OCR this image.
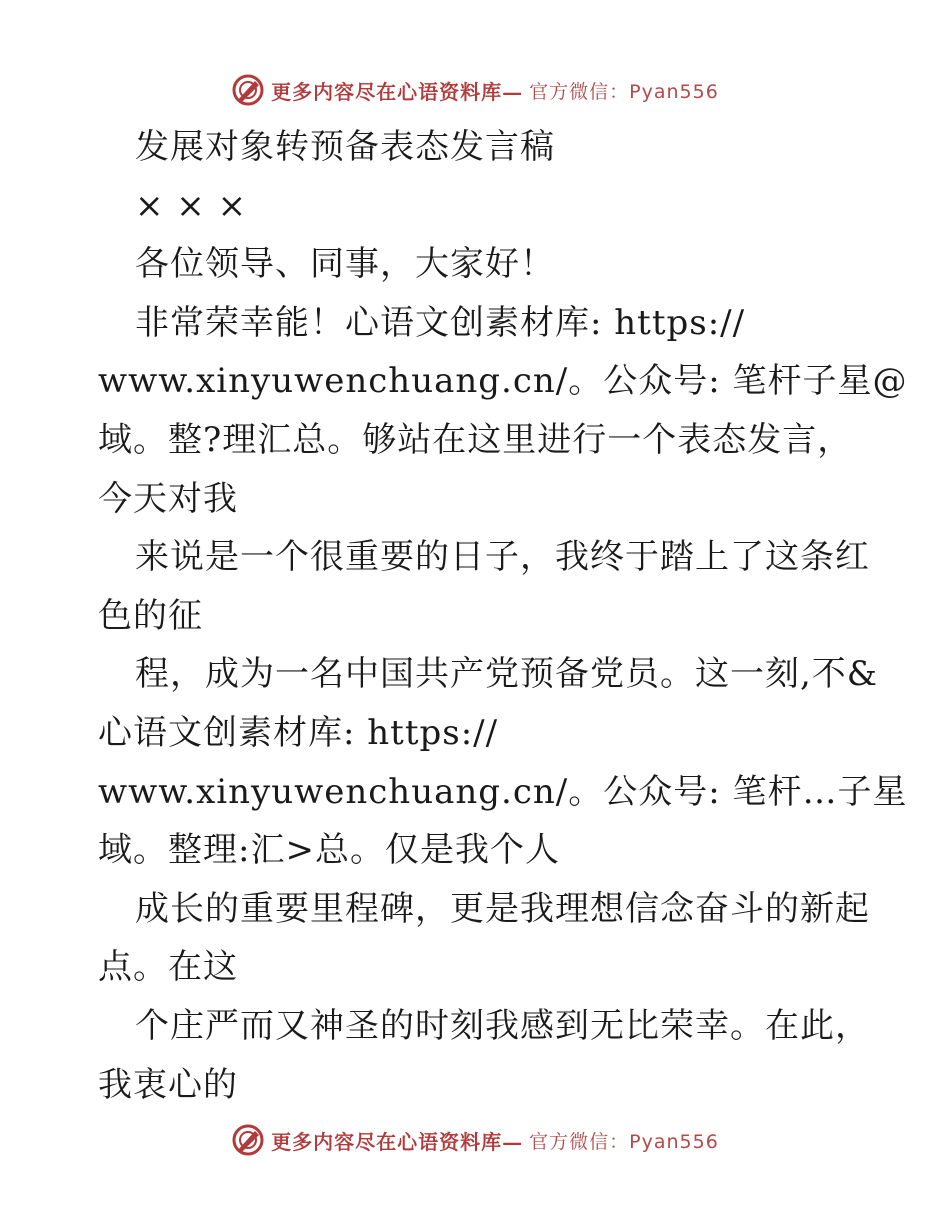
更多内容尽在心语资料库— 官方微信：Pyan556
发展对象转预备表态发言稿
× × ×
各位领导、同事，大家好！
非常荣幸能！心语文创素材库: https://
www.xinyuwenchuang.cn/。公众号: 笔杆子星@
域。整?理汇总。够站在这里进行一个表态发言，
今天对我
来说是一个很重要的日子，我终于踏上了这条红
色的征
程，成为一名中国共产党预备党员。这一刻,不&
心语文创素材库: https://
www.xinyuwenchuang.cn/。公众号: 笔杆…子星
域。整理:汇>总。仅是我个人
成长的重要里程碑，更是我理想信念奋斗的新起
点。在这
个庄严而又神圣的时刻我感到无比荣幸。在此，
我衷心的
更多内容尽在心语资料库— 官方微信：Pyan556
